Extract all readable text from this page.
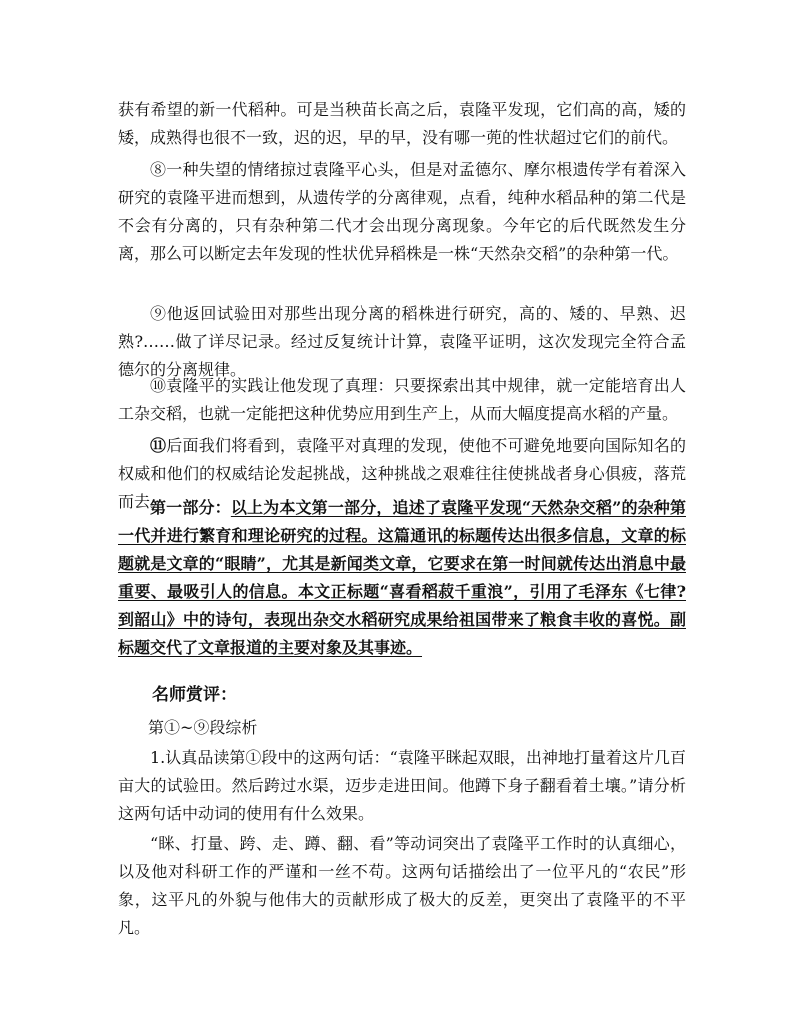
获有希望的新一代稻种。可是当秧苗长高之后，袁隆平发现，它们高的高，矮的矮，成熟得也很不一致，迟的迟，早的早，没有哪一蔸的性状超过它们的前代。
⑧一种失望的情绪掠过袁隆平心头，但是对孟德尔、摩尔根遗传学有着深入研究的袁隆平进而想到，从遗传学的分离律观，点看，纯种水稻品种的第二代是不会有分离的，只有杂种第二代才会出现分离现象。今年它的后代既然发生分离，那么可以断定去年发现的性状优异稻株是一株“天然杂交稻”的杂种第一代。
⑨他返回试验田对那些出现分离的稻株进行研究，高的、矮的、早熟、迟熟?……做了详尽记录。经过反复统计计算，袁隆平证明，这次发现完全符合孟德尔的分离规律。
⑩袁隆平的实践让他发现了真理：只要探索出其中规律，就一定能培育出人工杂交稻，也就一定能把这种优势应用到生产上，从而大幅度提高水稻的产量。
⑪后面我们将看到，袁隆平对真理的发现，使他不可避免地要向国际知名的权威和他们的权威结论发起挑战，这种挑战之艰难往往使挑战者身心俱疲，落荒而去。
第一部分：以上为本文第一部分，追述了袁隆平发现“天然杂交稻”的杂种第一代并进行繁育和理论研究的过程。这篇通讯的标题传达出很多信息，文章的标题就是文章的“眼睛”，尤其是新闻类文章，它要求在第一时间就传达出消息中最重要、最吸引人的信息。本文正标题“喜看稻菽千重浪”，引用了毛泽东《七律?到韶山》中的诗句，表现出杂交水稻研究成果给祖国带来了粮食丰收的喜悦。副标题交代了文章报道的主要对象及其事迹。
名师赏评：
第①~⑨段综析
1.认真品读第①段中的这两句话：“袁隆平眯起双眼，出神地打量着这片几百亩大的试验田。然后跨过水渠，迈步走进田间。他蹲下身子翻看着土壤。”请分析这两句话中动词的使用有什么效果。
“眯、打量、跨、走、蹲、翻、看”等动词突出了袁隆平工作时的认真细心，以及他对科研工作的严谨和一丝不苟。这两句话描绘出了一位平凡的“农民”形象，这平凡的外貌与他伟大的贡献形成了极大的反差，更突出了袁隆平的不平凡。
